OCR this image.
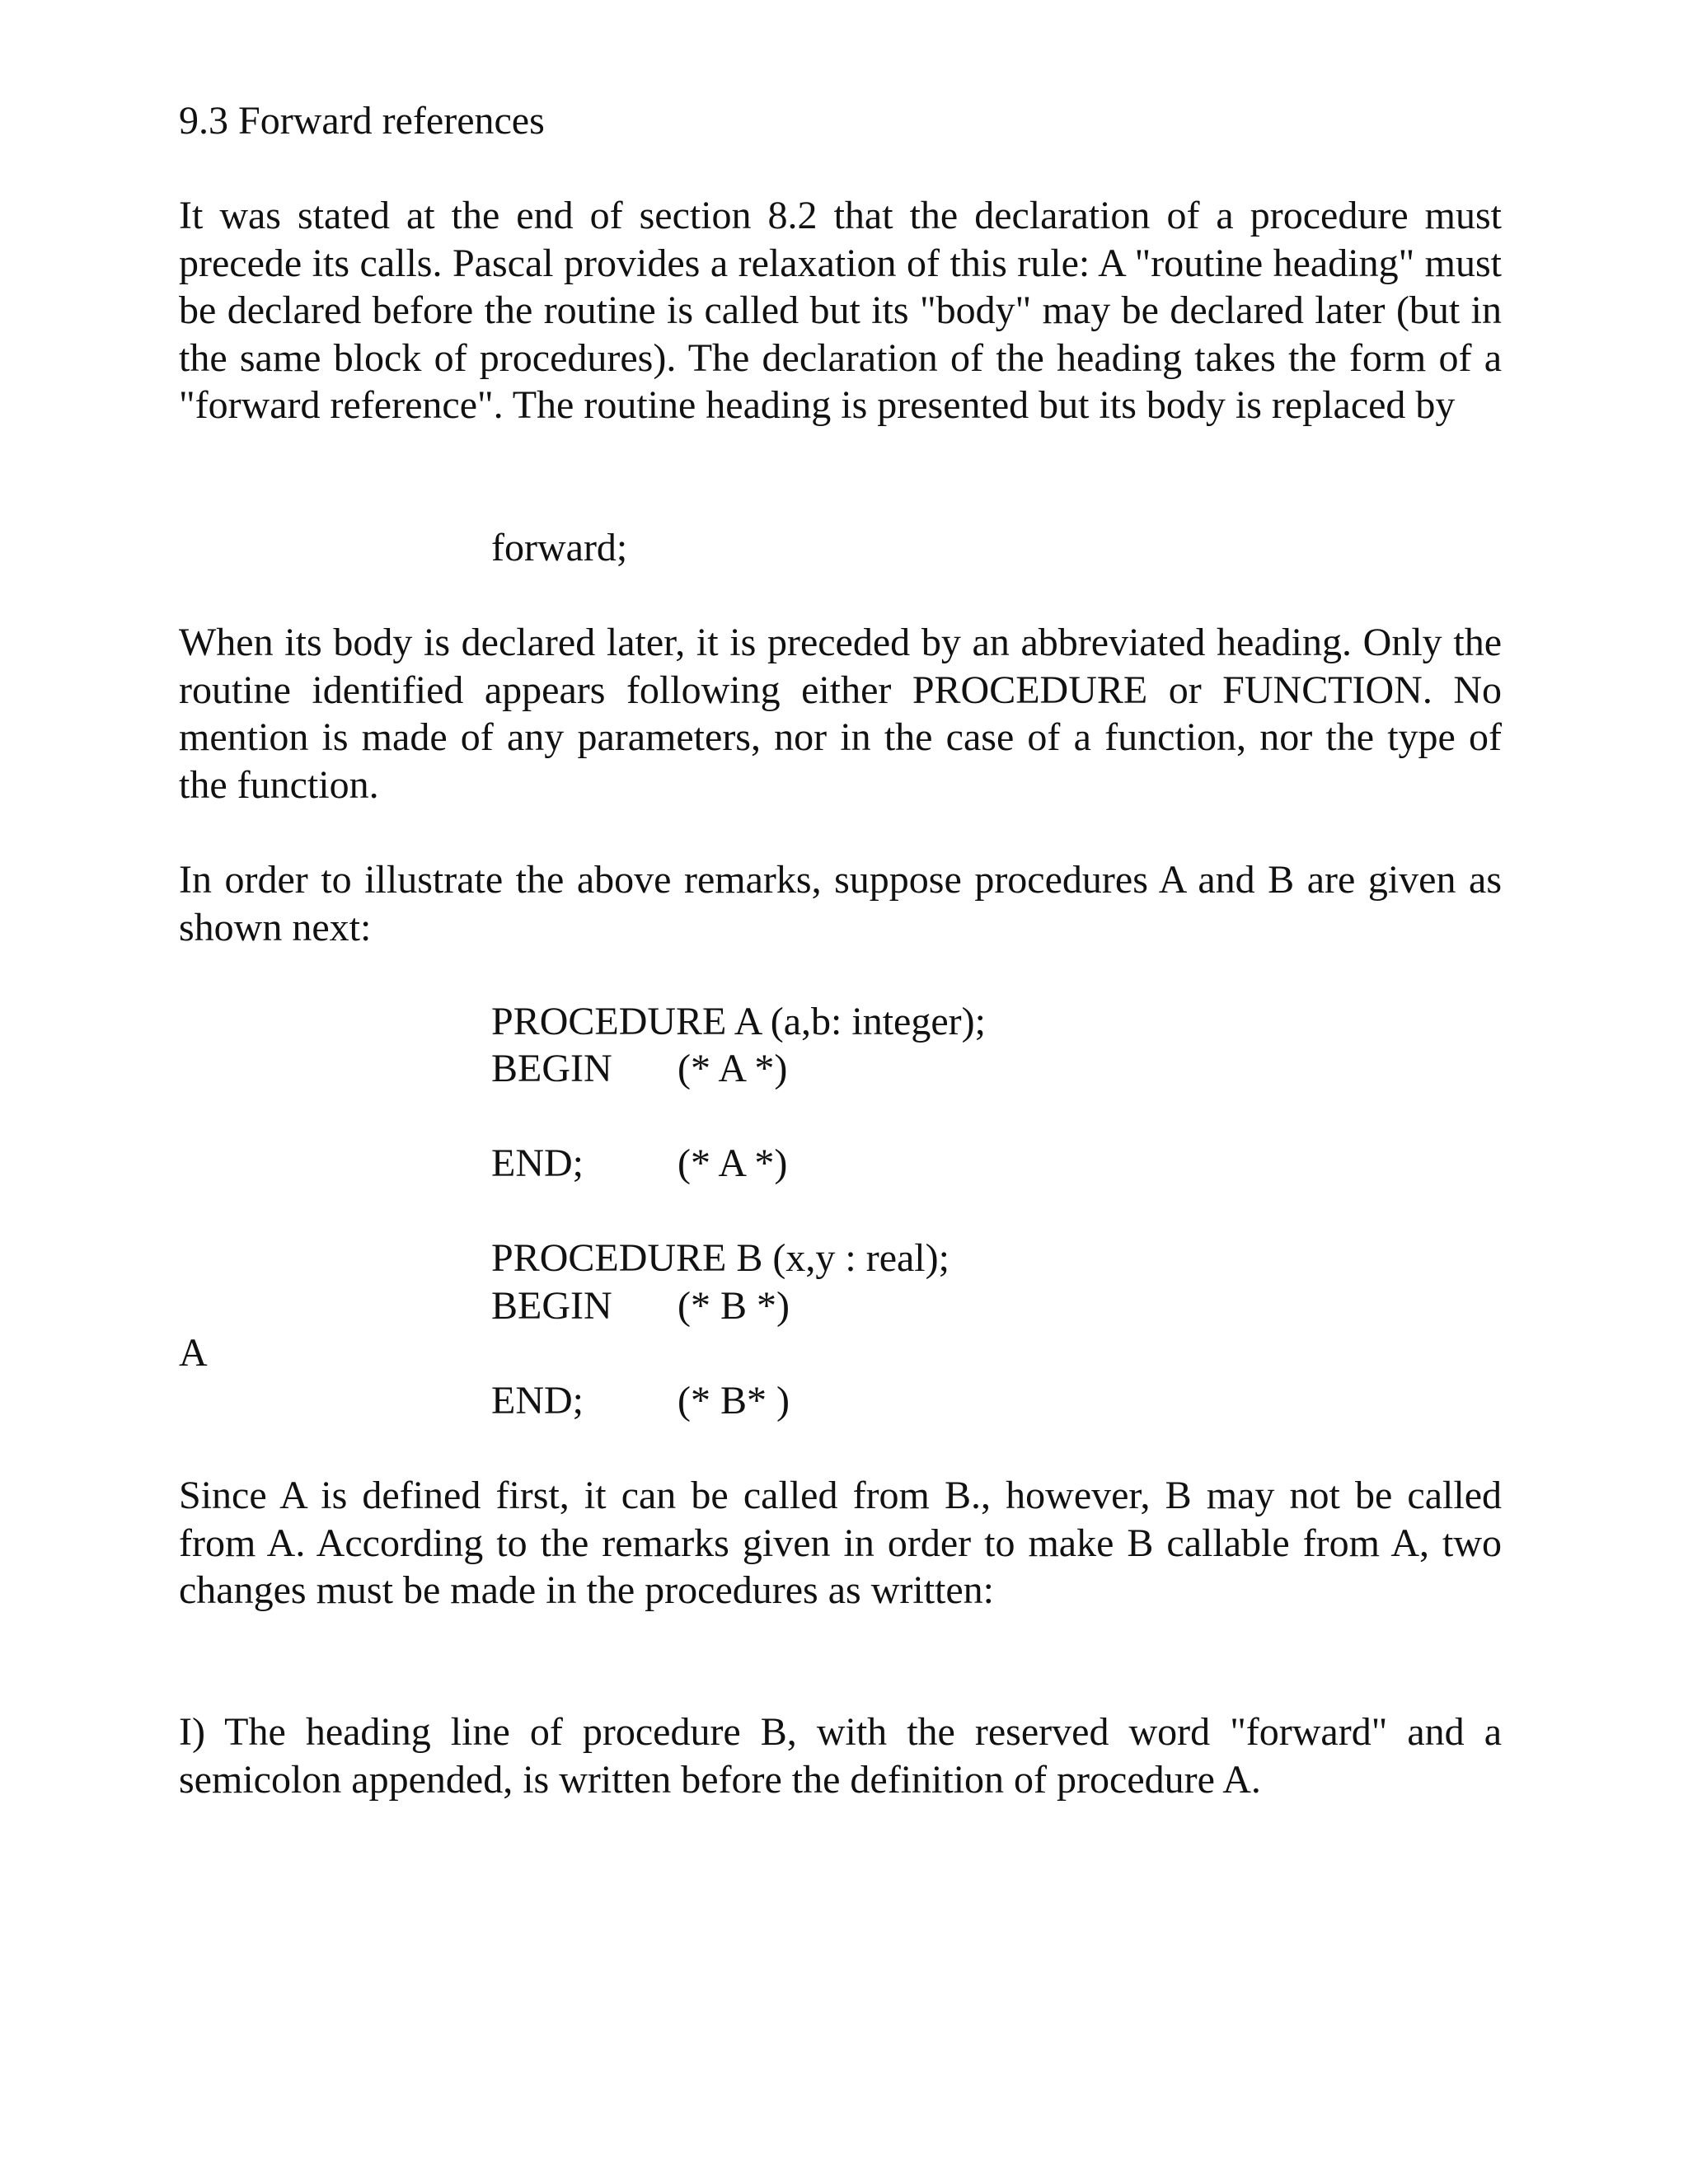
9.3 Forward references

It was stated at the end of section 8.2 that the declaration of a procedure must precede its calls. Pascal provides a relaxation of this rule: A "routine heading" must be declared before the routine is called but its "body" may be declared later (but in the same block of procedures). The declaration of the heading takes the form of a "forward reference". The routine heading is presented but its body is replaced by

forward;

When its body is declared later, it is preceded by an abbreviated heading. Only the routine identified appears following either PROCEDURE or FUNCTION. No mention is made of any parameters, nor in the case of a function, nor the type of the function.

In order to illustrate the above remarks, suppose procedures A and B are given as shown next:

PROCEDURE A (a,b: integer);

BEGIN (* A *)

END; (* A *)

PROCEDURE B (x,y : real);

BEGIN (* B *)

A

END; (* B* )

Since A is defined first, it can be called from B., however, B may not be called from A. According to the remarks given in order to make B callable from A, two changes must be made in the procedures as written:

I) The heading line of procedure B, with the reserved word "forward" and a semicolon appended, is written before the definition of procedure A.
